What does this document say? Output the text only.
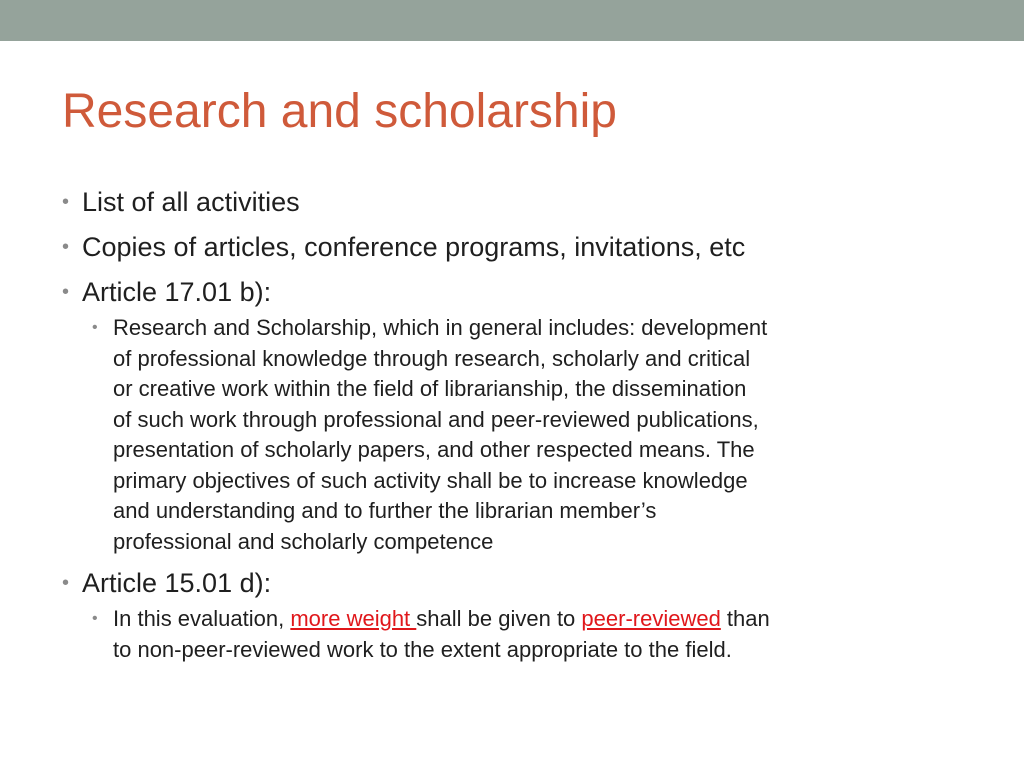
Research and scholarship
• List of all activities
• Copies of articles, conference programs, invitations, etc
• Article 17.01 b):
• Research and Scholarship, which in general includes: development
of professional knowledge through research, scholarly and critical
or creative work within the field of librarianship, the dissemination
of such work through professional and peer-reviewed publications,
presentation of scholarly papers, and other respected means. The
primary objectives of such activity shall be to increase knowledge
and understanding and to further the librarian member’s
professional and scholarly competence
• Article 15.01 d):
• In this evaluation, more weight shall be given to peer-reviewed than
to non-peer-reviewed work to the extent appropriate to the field.
